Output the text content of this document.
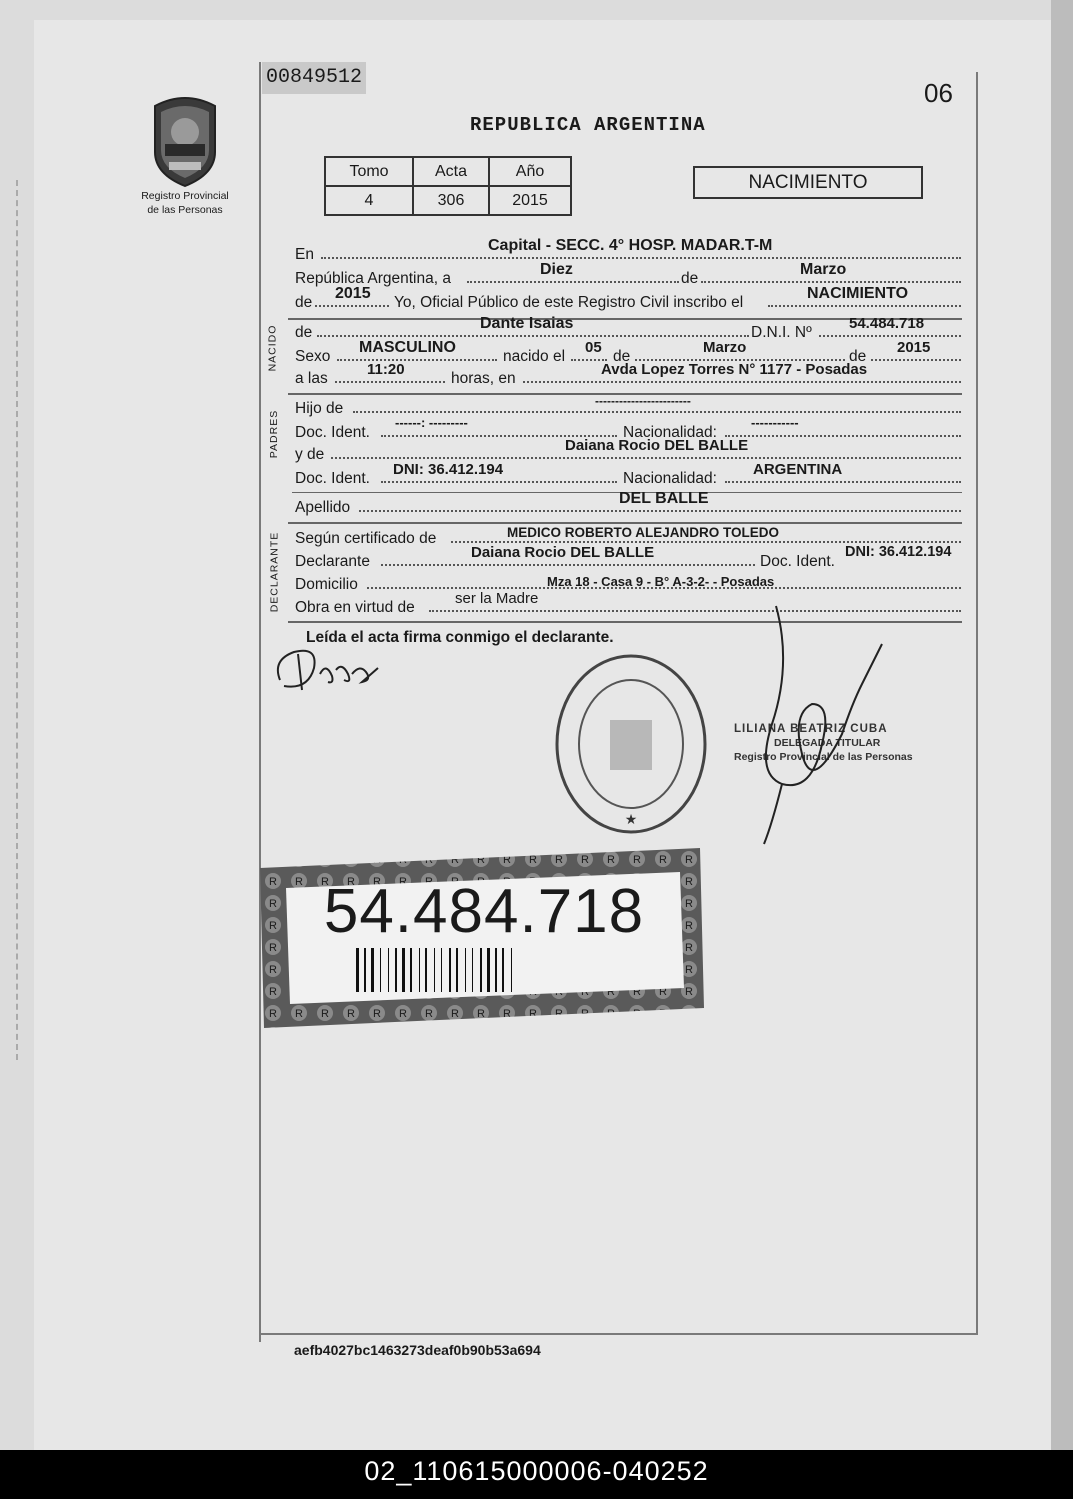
00849512
06
REPUBLICA ARGENTINA
Registro Provincial
de las Personas
Tomo	Acta	Año
4	306	2015
NACIMIENTO
En
Capital - SECC. 4° HOSP. MADAR.T-M
República Argentina, a
Diez
de
Marzo
de
2015
Yo, Oficial Público de este Registro Civil inscribo el
NACIMIENTO
NACIDO de
Dante Isaias
D.N.I. Nº
54.484.718
Sexo
MASCULINO
nacido el
05
de
Marzo
de
2015
a las
11:20
horas, en
Avda Lopez Torres N° 1177 - Posadas
PADRES
Hijo de	------------------------
Doc. Ident.
------: ---------
Nacionalidad:
-----------
y de
Daiana Rocio DEL BALLE
Doc. Ident.
DNI: 36.412.194
Nacionalidad:
ARGENTINA
Apellido
DEL BALLE
DECLARANTE Según certificado de	MEDICO ROBERTO ALEJANDRO TOLEDO
Declarante
Daiana Rocio DEL BALLE
Doc. Ident.
DNI: 36.412.194
Domicilio	Mza 18 - Casa 9 - B° A-3-2- - Posadas
Obra en virtud de
ser la Madre
Leída el acta firma conmigo el declarante.
★
LILIANA BEATRIZ CUBA
DELEGADA TITULAR
Registro Provincial de las Personas
54.484.718
aefb4027bc1463273deaf0b90b53a694
02_110615000006-040252
